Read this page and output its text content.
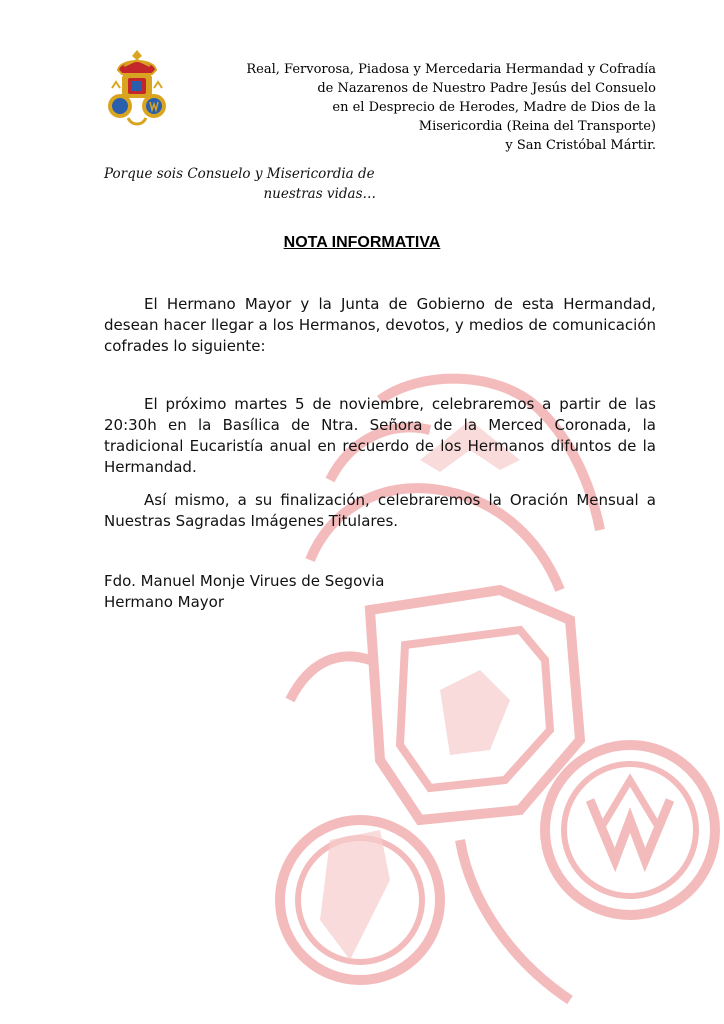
Real, Fervorosa, Piadosa y Mercedaria Hermandad y Cofradía
de Nazarenos de Nuestro Padre Jesús del Consuelo
en el Desprecio de Herodes, Madre de Dios de la
Misericordia (Reina del Transporte)
y San Cristóbal Mártir.
Porque sois Consuelo y Misericordia de
nuestras vidas…
NOTA INFORMATIVA
El Hermano Mayor y la Junta de Gobierno de esta Hermandad, desean hacer llegar a los Hermanos, devotos, y medios de comunicación cofrades lo siguiente:
El próximo martes 5 de noviembre, celebraremos a partir de las 20:30h en la Basílica de Ntra. Señora de la Merced Coronada, la tradicional Eucaristía anual en recuerdo de los Hermanos difuntos de la Hermandad.
Así mismo, a su finalización, celebraremos la Oración Mensual a Nuestras Sagradas Imágenes Titulares.
Fdo. Manuel Monje Virues de Segovia
Hermano Mayor
